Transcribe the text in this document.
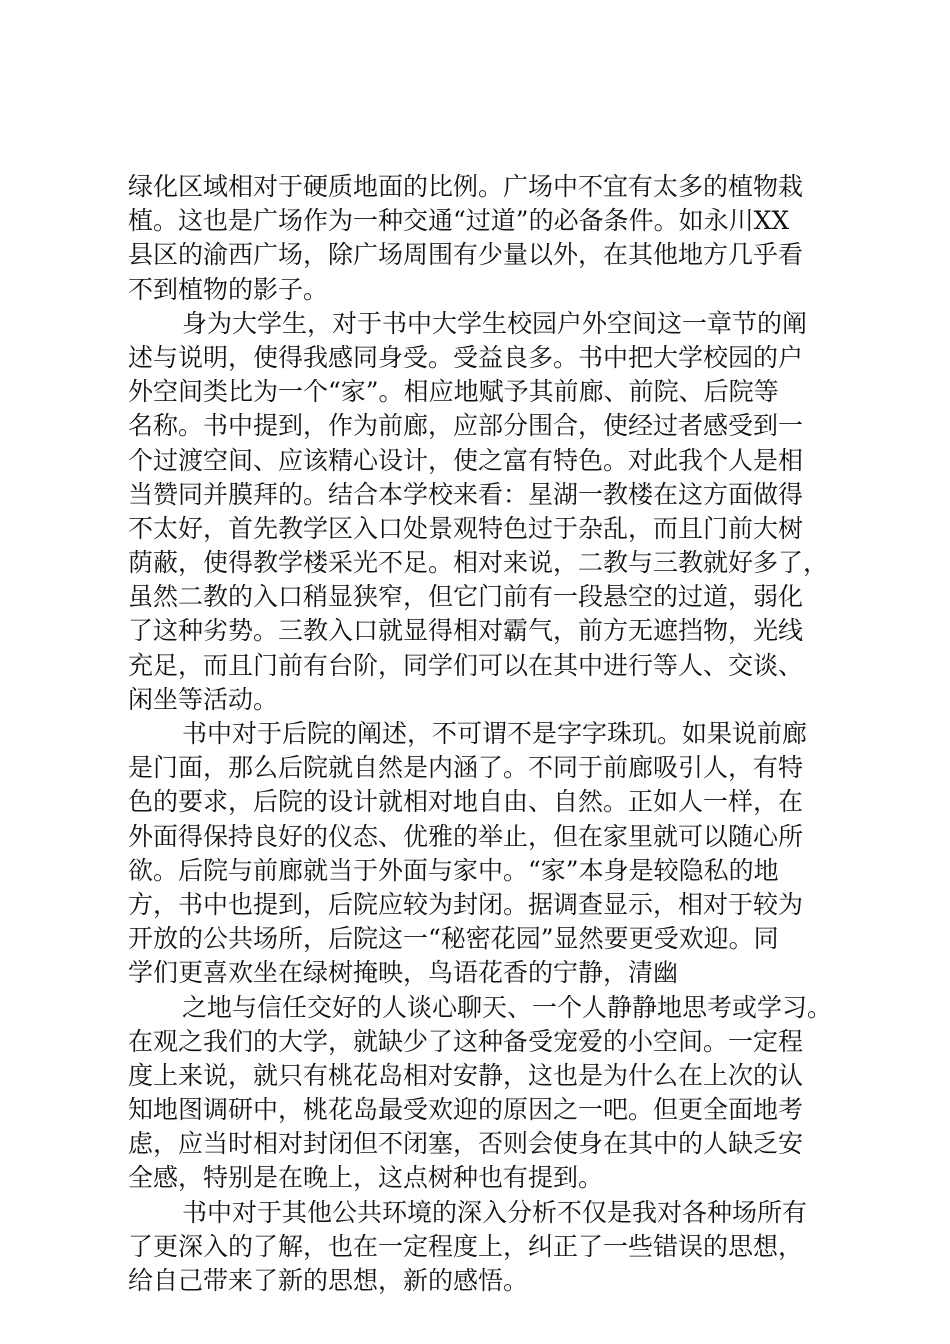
绿化区域相对于硬质地面的比例。广场中不宜有太多的植物栽
植。这也是广场作为一种交通“过道”的必备条件。如永川XX
县区的渝西广场，除广场周围有少量以外，在其他地方几乎看
不到植物的影子。
身为大学生，对于书中大学生校园户外空间这一章节的阐
述与说明，使得我感同身受。受益良多。书中把大学校园的户
外空间类比为一个“家”。相应地赋予其前廊、前院、后院等
名称。书中提到，作为前廊，应部分围合，使经过者感受到一
个过渡空间、应该精心设计，使之富有特色。对此我个人是相
当赞同并膜拜的。结合本学校来看：星湖一教楼在这方面做得
不太好，首先教学区入口处景观特色过于杂乱，而且门前大树
荫蔽，使得教学楼采光不足。相对来说，二教与三教就好多了，
虽然二教的入口稍显狭窄，但它门前有一段悬空的过道，弱化
了这种劣势。三教入口就显得相对霸气，前方无遮挡物，光线
充足，而且门前有台阶，同学们可以在其中进行等人、交谈、
闲坐等活动。
书中对于后院的阐述，不可谓不是字字珠玑。如果说前廊
是门面，那么后院就自然是内涵了。不同于前廊吸引人，有特
色的要求，后院的设计就相对地自由、自然。正如人一样，在
外面得保持良好的仪态、优雅的举止，但在家里就可以随心所
欲。后院与前廊就当于外面与家中。“家”本身是较隐私的地
方，书中也提到，后院应较为封闭。据调查显示，相对于较为
开放的公共场所，后院这一“秘密花园”显然要更受欢迎。同
学们更喜欢坐在绿树掩映，鸟语花香的宁静，清幽
之地与信任交好的人谈心聊天、一个人静静地思考或学习。
在观之我们的大学，就缺少了这种备受宠爱的小空间。一定程
度上来说，就只有桃花岛相对安静，这也是为什么在上次的认
知地图调研中，桃花岛最受欢迎的原因之一吧。但更全面地考
虑，应当时相对封闭但不闭塞，否则会使身在其中的人缺乏安
全感，特别是在晚上，这点树种也有提到。
书中对于其他公共环境的深入分析不仅是我对各种场所有
了更深入的了解，也在一定程度上，纠正了一些错误的思想，
给自己带来了新的思想，新的感悟。
